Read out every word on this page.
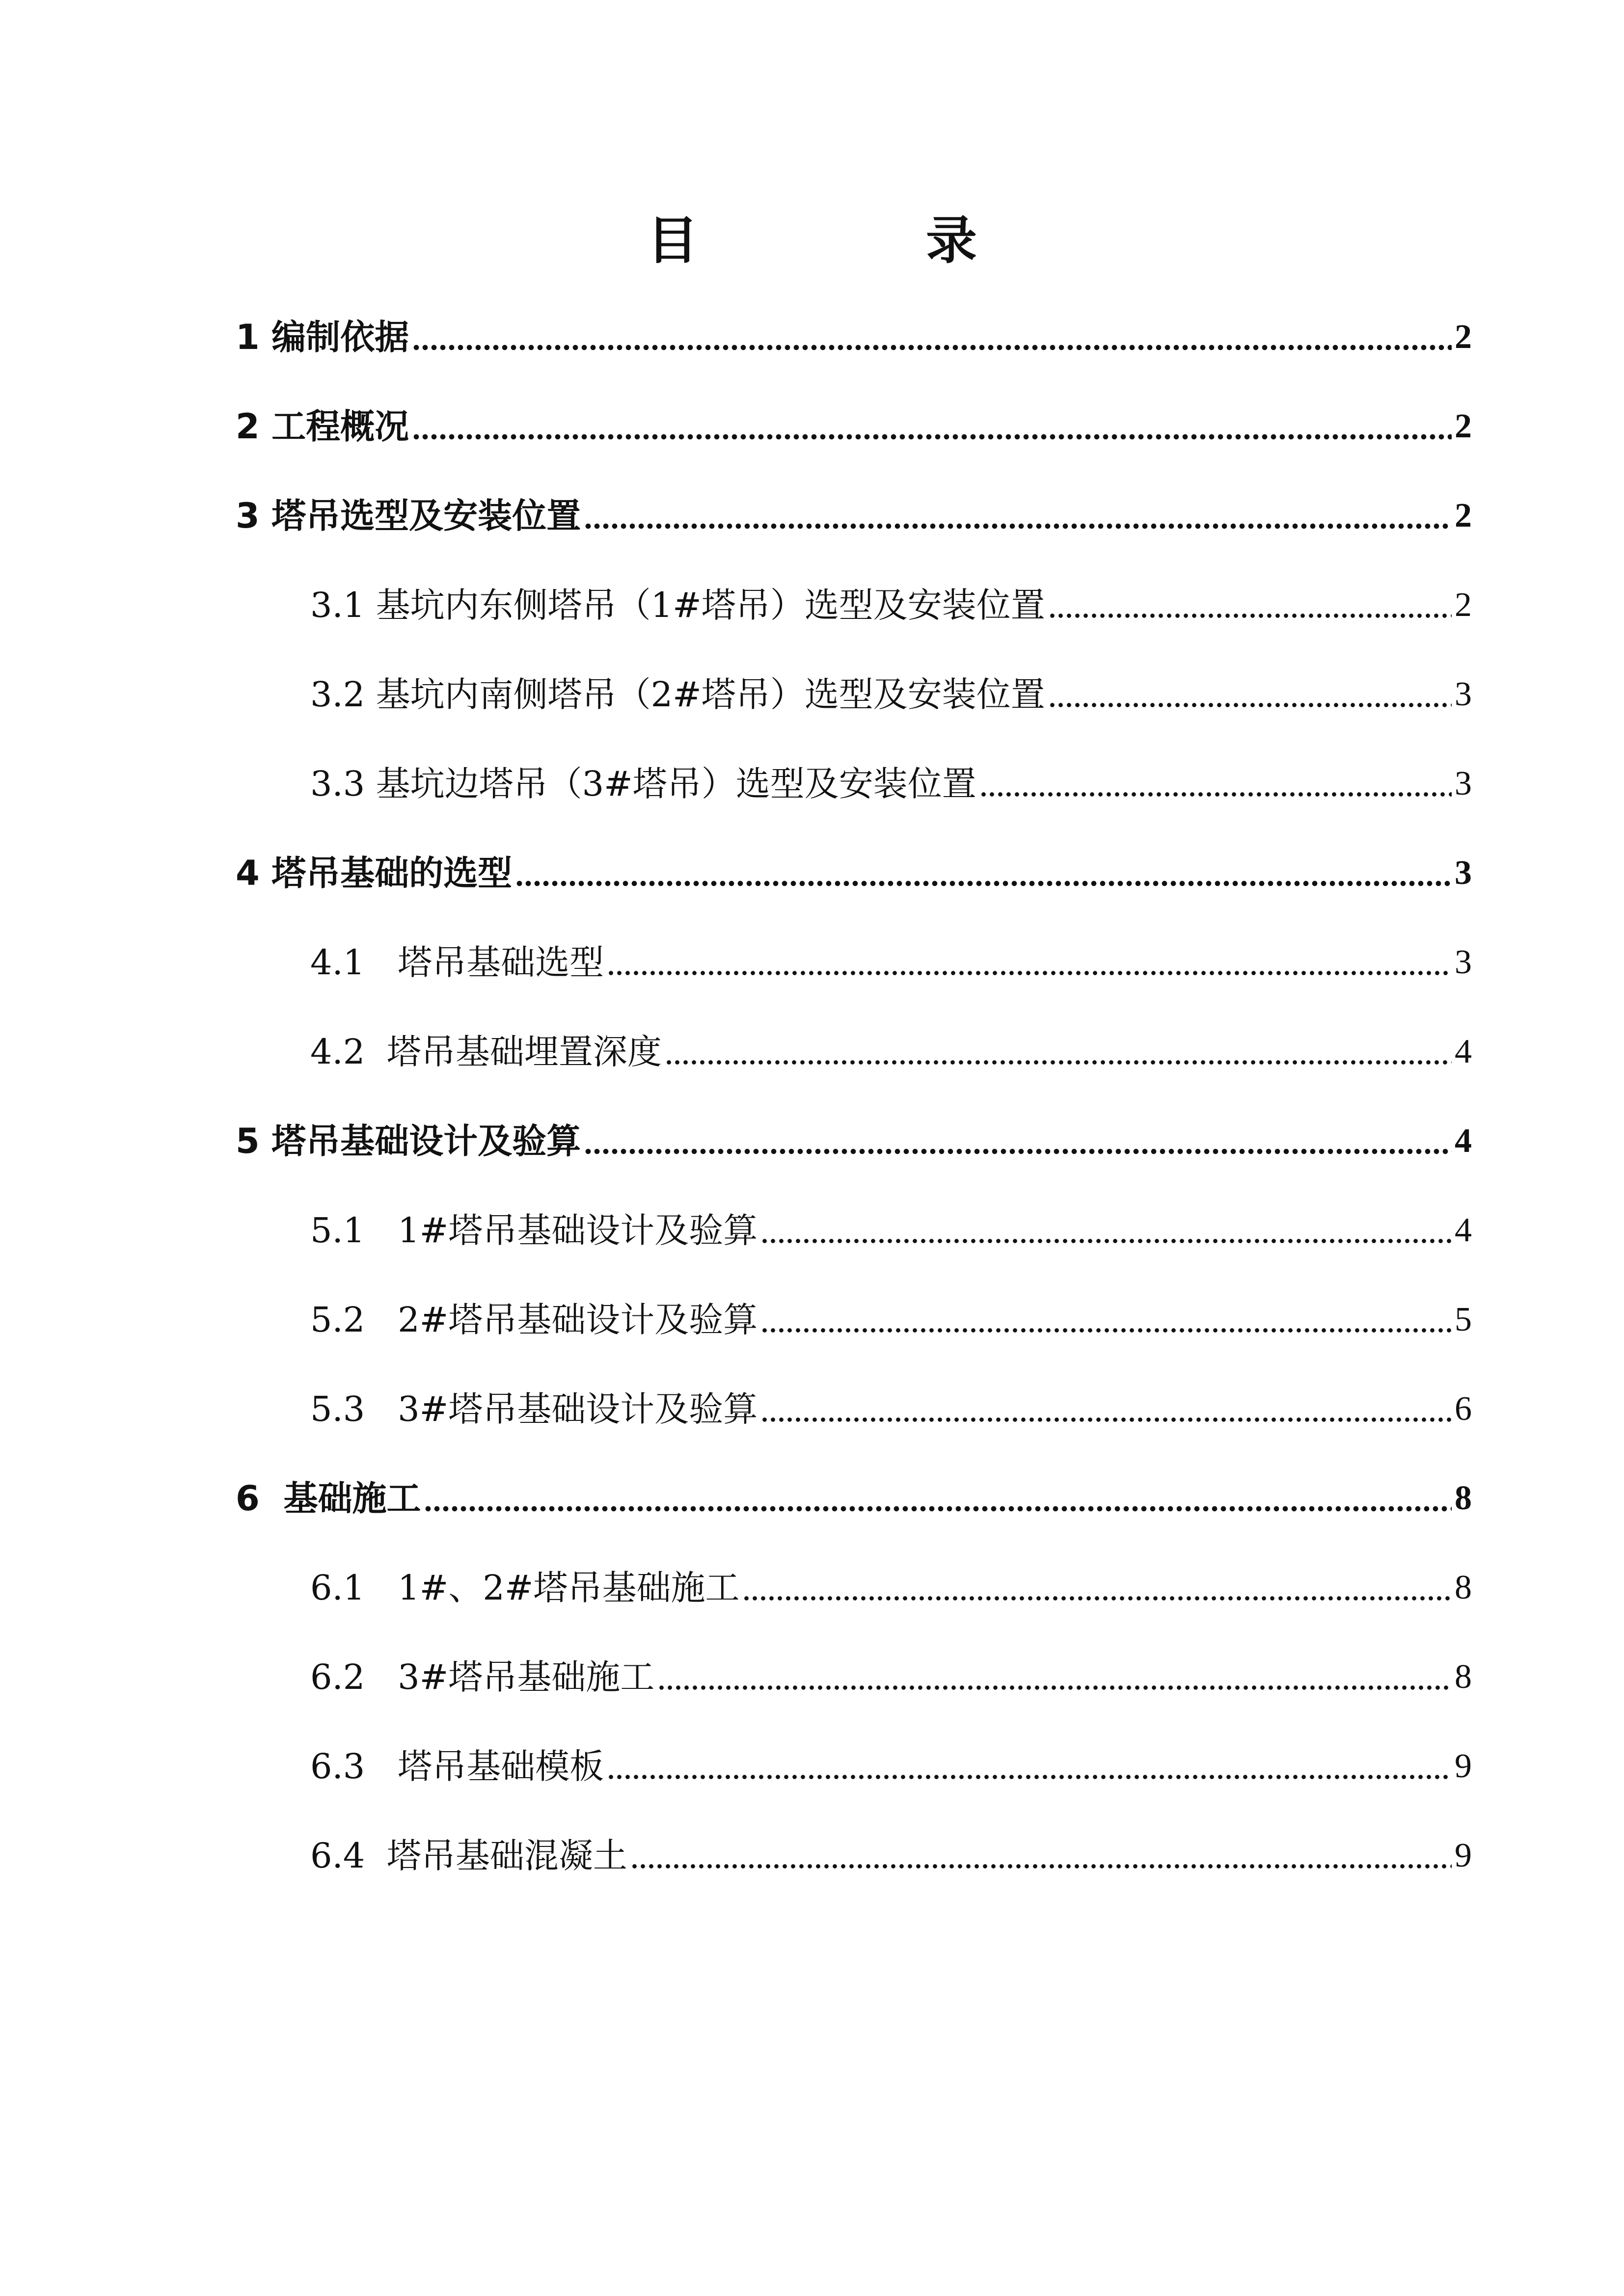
目　录
1 编制依据	2
2 工程概况	2
3 塔吊选型及安装位置	2
3.1 基坑内东侧塔吊（1#塔吊）选型及安装位置	2
3.2 基坑内南侧塔吊（2#塔吊）选型及安装位置	3
3.3 基坑边塔吊（3#塔吊）选型及安装位置	3
4 塔吊基础的选型	3
4.1   塔吊基础选型	3
4.2  塔吊基础埋置深度	4
5 塔吊基础设计及验算	4
5.1   1#塔吊基础设计及验算	4
5.2   2#塔吊基础设计及验算	5
5.3   3#塔吊基础设计及验算	6
6  基础施工	8
6.1   1#、2#塔吊基础施工	8
6.2   3#塔吊基础施工	8
6.3   塔吊基础模板	9
6.4  塔吊基础混凝土	9
